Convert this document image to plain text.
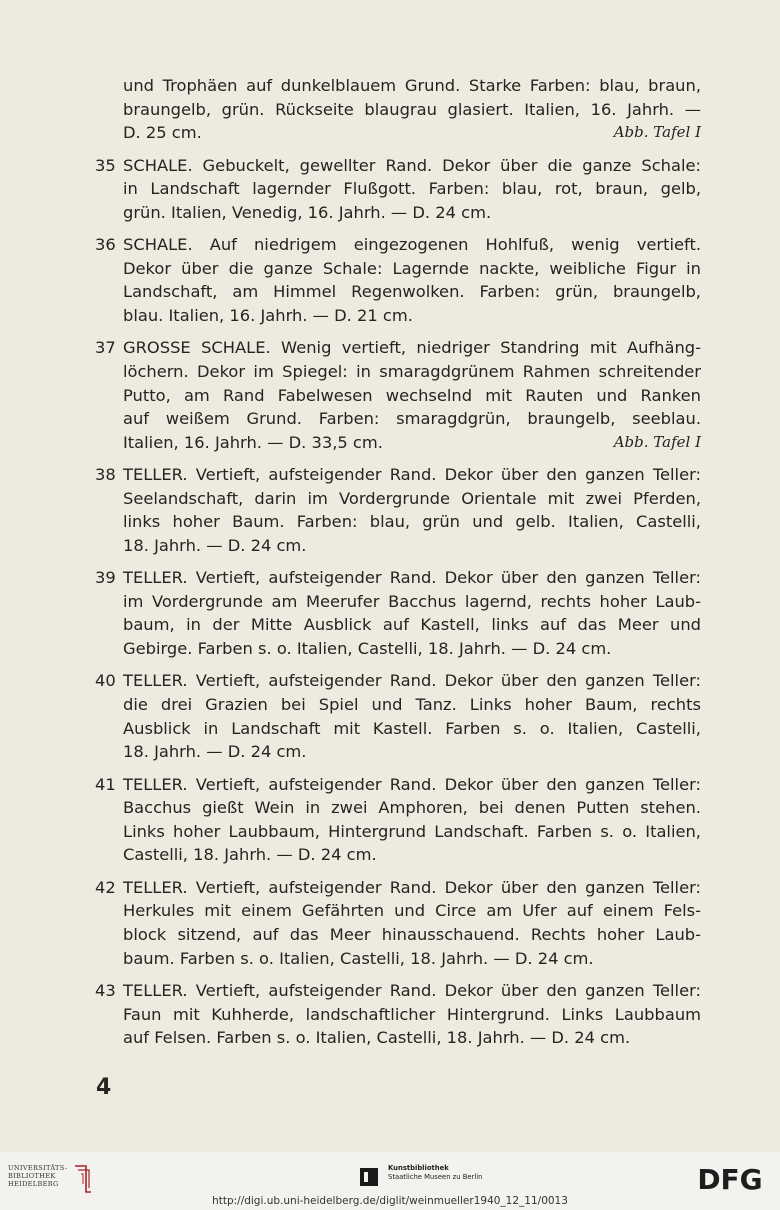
und Trophäen auf dunkelblauem Grund. Starke Farben: blau, braun,
braungelb, grün. Rückseite blaugrau glasiert. Italien, 16. Jahrh. —
D. 25 cm.	Abb. Tafel I
35 SCHALE. Gebuckelt, gewellter Rand. Dekor über die ganze Schale:
in Landschaft lagernder Flußgott. Farben: blau, rot, braun, gelb,
grün. Italien, Venedig, 16. Jahrh. — D. 24 cm.
36 SCHALE. Auf niedrigem eingezogenen Hohlfuß, wenig vertieft.
Dekor über die ganze Schale: Lagernde nackte, weibliche Figur in
Landschaft, am Himmel Regenwolken. Farben: grün, braungelb,
blau. Italien, 16. Jahrh. — D. 21 cm.
37 GROSSE SCHALE. Wenig vertieft, niedriger Standring mit Aufhäng-
löchern. Dekor im Spiegel: in smaragdgrünem Rahmen schreitender
Putto, am Rand Fabelwesen wechselnd mit Rauten und Ranken
auf weißem Grund. Farben: smaragdgrün, braungelb, seeblau.
Italien, 16. Jahrh. — D. 33,5 cm.	Abb. Tafel I
38 TELLER. Vertieft, aufsteigender Rand. Dekor über den ganzen Teller:
Seelandschaft, darin im Vordergrunde Orientale mit zwei Pferden,
links hoher Baum. Farben: blau, grün und gelb. Italien, Castelli,
18. Jahrh. — D. 24 cm.
39 TELLER. Vertieft, aufsteigender Rand. Dekor über den ganzen Teller:
im Vordergrunde am Meerufer Bacchus lagernd, rechts hoher Laub-
baum, in der Mitte Ausblick auf Kastell, links auf das Meer und
Gebirge. Farben s. o. Italien, Castelli, 18. Jahrh. — D. 24 cm.
40 TELLER. Vertieft, aufsteigender Rand. Dekor über den ganzen Teller:
die drei Grazien bei Spiel und Tanz. Links hoher Baum, rechts
Ausblick in Landschaft mit Kastell. Farben s. o. Italien, Castelli,
18. Jahrh. — D. 24 cm.
41 TELLER. Vertieft, aufsteigender Rand. Dekor über den ganzen Teller:
Bacchus gießt Wein in zwei Amphoren, bei denen Putten stehen.
Links hoher Laubbaum, Hintergrund Landschaft. Farben s. o. Italien,
Castelli, 18. Jahrh. — D. 24 cm.
42 TELLER. Vertieft, aufsteigender Rand. Dekor über den ganzen Teller:
Herkules mit einem Gefährten und Circe am Ufer auf einem Fels-
block sitzend, auf das Meer hinausschauend. Rechts hoher Laub-
baum. Farben s. o. Italien, Castelli, 18. Jahrh. — D. 24 cm.
43 TELLER. Vertieft, aufsteigender Rand. Dekor über den ganzen Teller:
Faun mit Kuhherde, landschaftlicher Hintergrund. Links Laubbaum
auf Felsen. Farben s. o. Italien, Castelli, 18. Jahrh. — D. 24 cm.
4
UNIVERSITÄTS-
BIBLIOTHEK
HEIDELBERG
Kunstbibliothek
Staatliche Museen zu Berlin	DFG
http://digi.ub.uni-heidelberg.de/diglit/weinmueller1940_12_11/0013
